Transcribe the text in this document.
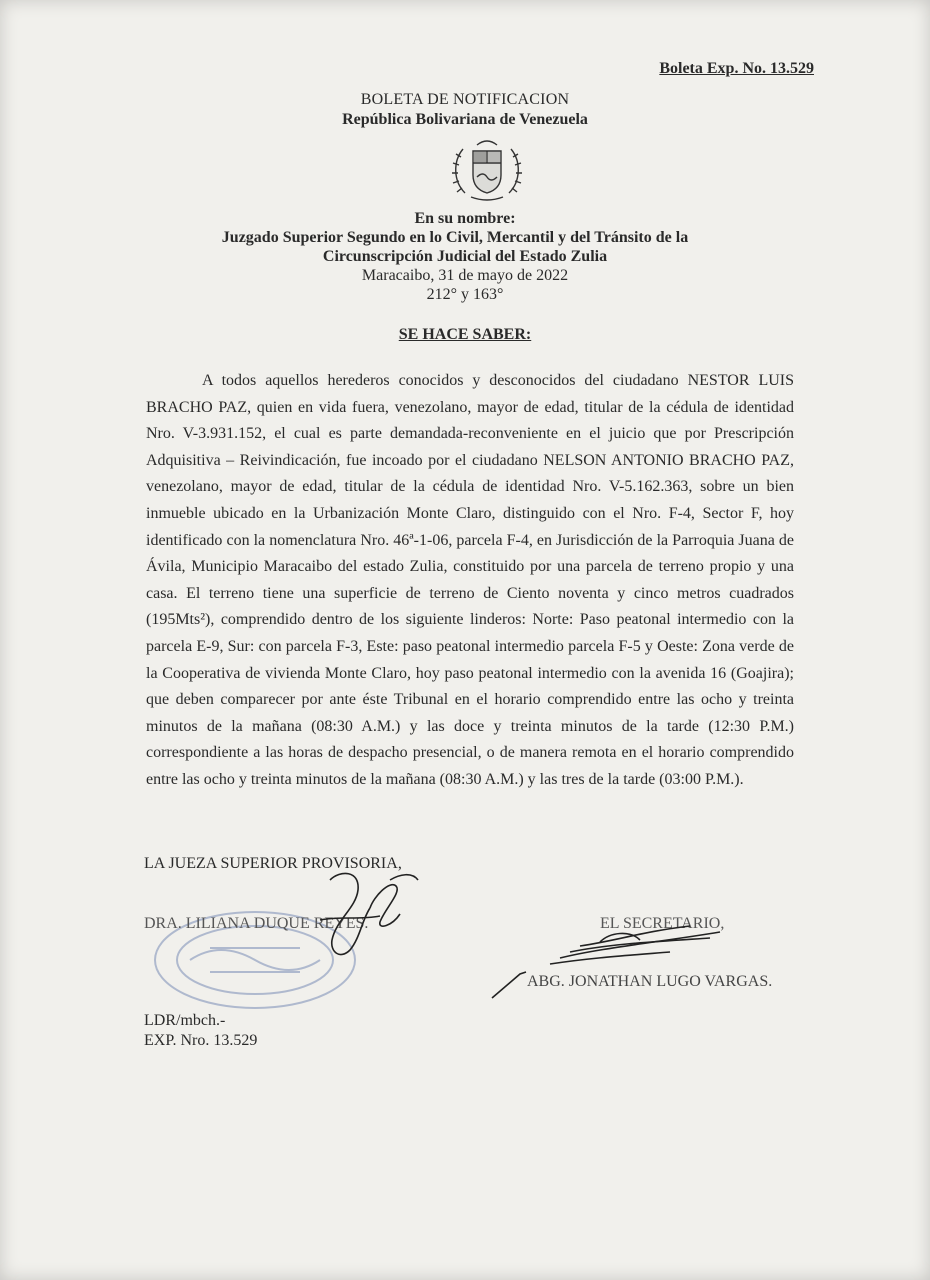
Boleta Exp. No. 13.529
BOLETA DE NOTIFICACION
República Bolivariana de Venezuela
En su nombre:
Juzgado Superior Segundo en lo Civil, Mercantil y del Tránsito de la
Circunscripción Judicial del Estado Zulia
Maracaibo, 31 de mayo de 2022
212° y 163°
SE HACE SABER:
A todos aquellos herederos conocidos y desconocidos del ciudadano NESTOR LUIS BRACHO PAZ, quien en vida fuera, venezolano, mayor de edad, titular de la cédula de identidad Nro. V-3.931.152, el cual es parte demandada-reconveniente en el juicio que por Prescripción Adquisitiva – Reivindicación, fue incoado por el ciudadano NELSON ANTONIO BRACHO PAZ, venezolano, mayor de edad, titular de la cédula de identidad Nro. V-5.162.363, sobre un bien inmueble ubicado en la Urbanización Monte Claro, distinguido con el Nro. F-4, Sector F, hoy identificado con la nomenclatura Nro. 46ª-1-06, parcela F-4, en Jurisdicción de la Parroquia Juana de Ávila, Municipio Maracaibo del estado Zulia, constituido por una parcela de terreno propio y una casa. El terreno tiene una superficie de terreno de Ciento noventa y cinco metros cuadrados (195Mts²), comprendido dentro de los siguiente linderos: Norte: Paso peatonal intermedio con la parcela E-9, Sur: con parcela F-3, Este: paso peatonal intermedio parcela F-5 y Oeste: Zona verde de la Cooperativa de vivienda Monte Claro, hoy paso peatonal intermedio con la avenida 16 (Goajira); que deben comparecer por ante éste Tribunal en el horario comprendido entre las ocho y treinta minutos de la mañana (08:30 A.M.) y las doce y treinta minutos de la tarde (12:30 P.M.) correspondiente a las horas de despacho presencial, o de manera remota en el horario comprendido entre las ocho y treinta minutos de la mañana (08:30 A.M.) y las tres de la tarde (03:00 P.M.).
LA JUEZA SUPERIOR PROVISORIA,
DRA. LILIANA DUQUE REYES.	EL SECRETARIO,
ABG. JONATHAN LUGO VARGAS.
LDR/mbch.-
EXP. Nro. 13.529
